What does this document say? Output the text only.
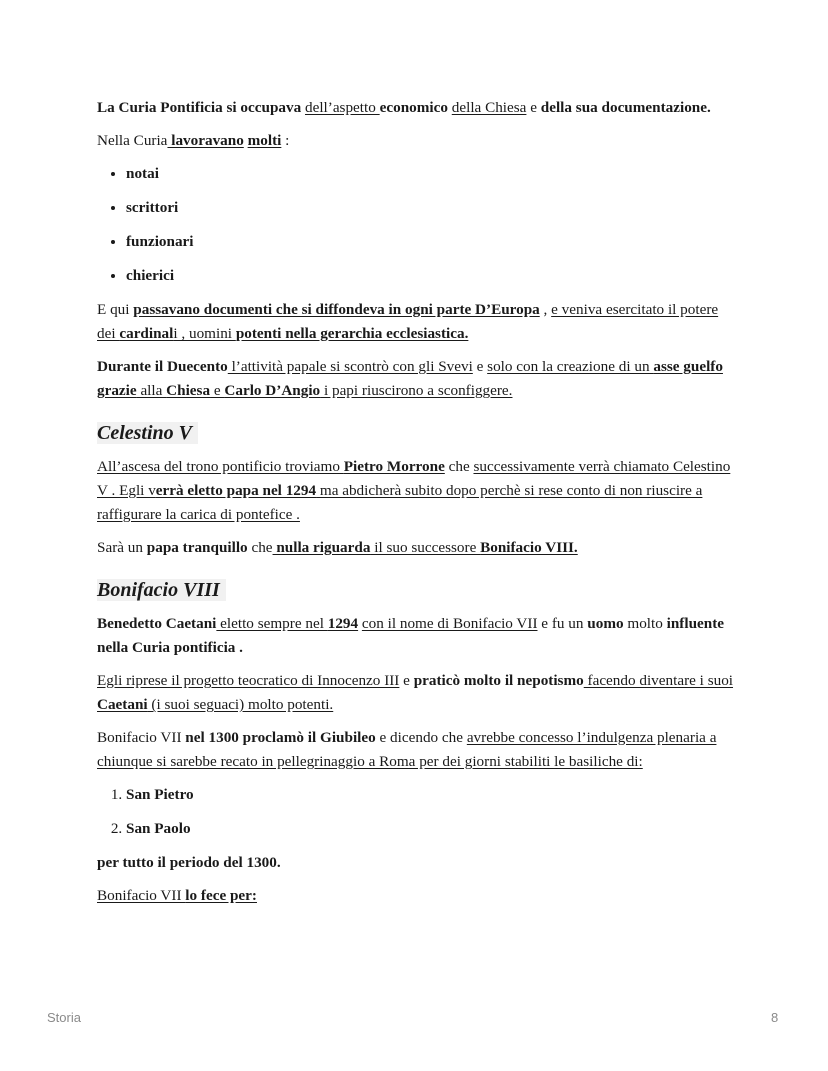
La Curia Pontificia si occupava dell’aspetto economico della Chiesa e della sua documentazione.

Nella Curia lavoravano molti :

• notai
• scrittori
• funzionari
• chierici

E qui passavano documenti che si diffondeva in ogni parte D’Europa , e veniva esercitato il potere dei cardinali , uomini potenti nella gerarchia ecclesiastica.

Durante il Duecento l’attività papale si scontrò con gli Svevi e solo con la creazione di un asse guelfo grazie alla Chiesa e Carlo D’Angio i papi riuscirono a sconfiggere.

Celestino V

All’ascesa del trono pontificio troviamo Pietro Morrone che successivamente verrà chiamato Celestino V . Egli verrà eletto papa nel 1294 ma abdicherà subito dopo perchè si rese conto di non riuscire a raffigurare la carica di pontefice .

Sarà un papa tranquillo che nulla riguarda il suo successore Bonifacio VIII.

Bonifacio VIII

Benedetto Caetani eletto sempre nel 1294 con il nome di Bonifacio VII e fu un uomo molto influente nella Curia pontificia .

Egli riprese il progetto teocratico di Innocenzo III e praticò molto il nepotismo facendo diventare i suoi Caetani (i suoi seguaci) molto potenti.

Bonifacio VII nel 1300 proclamò il Giubileo e dicendo che avrebbe concesso l’indulgenza plenaria a chiunque si sarebbe recato in pellegrinaggio a Roma per dei giorni stabiliti le basiliche di:

1. San Pietro
2. San Paolo

per tutto il periodo del 1300.

Bonifacio VII lo fece per:

Storia	8
